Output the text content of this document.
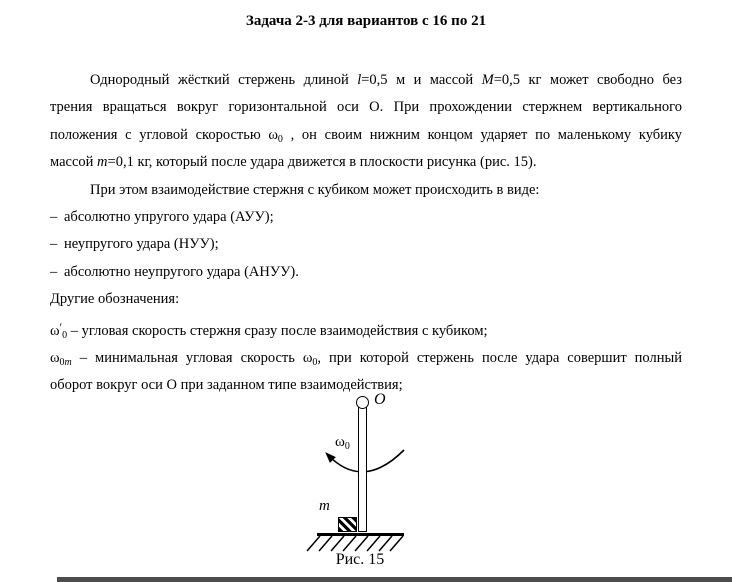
Задача 2-3 для вариантов с 16 по 21
Однородный жёсткий стержень длиной l=0,5 м и массой M=0,5 кг может свободно без
трения вращаться вокруг горизонтальной оси О. При прохождении стержнем вертикального
положения с угловой скоростью $\omega_0$ , он своим нижним концом ударяет по маленькому кубику
массой m=0,1 кг, который после удара движется в плоскости рисунка (рис. 15).
При этом взаимодействие стержня с кубиком может происходить в виде:
– абсолютно упругого удара (АУУ);
– неупругого удара (НУУ);
– абсолютно неупругого удара (АНУУ).
Другие обозначения:
$\omega'_0$ – угловая скорость стержня сразу после взаимодействия с кубиком;
$\omega_{0m}$ – минимальная угловая скорость $\omega_0$, при которой стержень после удара совершит полный
оборот вокруг оси О при заданном типе взаимодействия;
O
$\omega_0$
m
Рис. 15
